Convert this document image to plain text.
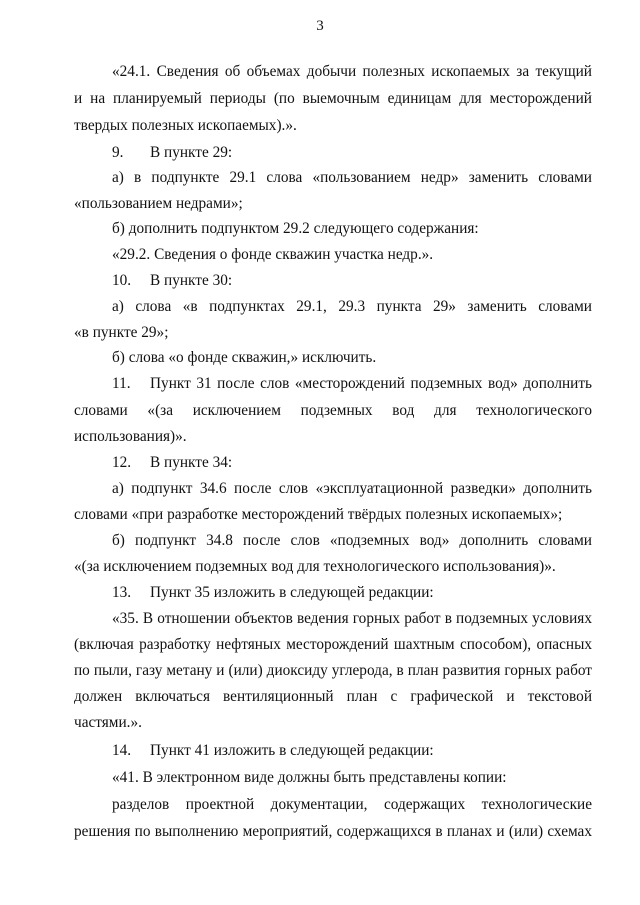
3
«24.1. Сведения об объемах добычи полезных ископаемых за текущий
и на планируемый периоды (по выемочным единицам для месторождений
твердых полезных ископаемых).».
9. В пункте 29:
а) в подпункте 29.1 слова «пользованием недр» заменить словами
«пользованием недрами»;
б) дополнить подпунктом 29.2 следующего содержания:
«29.2. Сведения о фонде скважин участка недр.».
10. В пункте 30:
а) слова «в подпунктах 29.1, 29.3 пункта 29» заменить словами
«в пункте 29»;
б) слова «о фонде скважин,» исключить.
11. Пункт 31 после слов «месторождений подземных вод» дополнить
словами «(за исключением подземных вод для технологического
использования)».
12. В пункте 34:
а) подпункт 34.6 после слов «эксплуатационной разведки» дополнить
словами «при разработке месторождений твёрдых полезных ископаемых»;
б) подпункт 34.8 после слов «подземных вод» дополнить словами
«(за исключением подземных вод для технологического использования)».
13. Пункт 35 изложить в следующей редакции:
«35. В отношении объектов ведения горных работ в подземных условиях
(включая разработку нефтяных месторождений шахтным способом), опасных
по пыли, газу метану и (или) диоксиду углерода, в план развития горных работ
должен включаться вентиляционный план с графической и текстовой
частями.».
14. Пункт 41 изложить в следующей редакции:
«41. В электронном виде должны быть представлены копии:
разделов проектной документации, содержащих технологические
решения по выполнению мероприятий, содержащихся в планах и (или) схемах
